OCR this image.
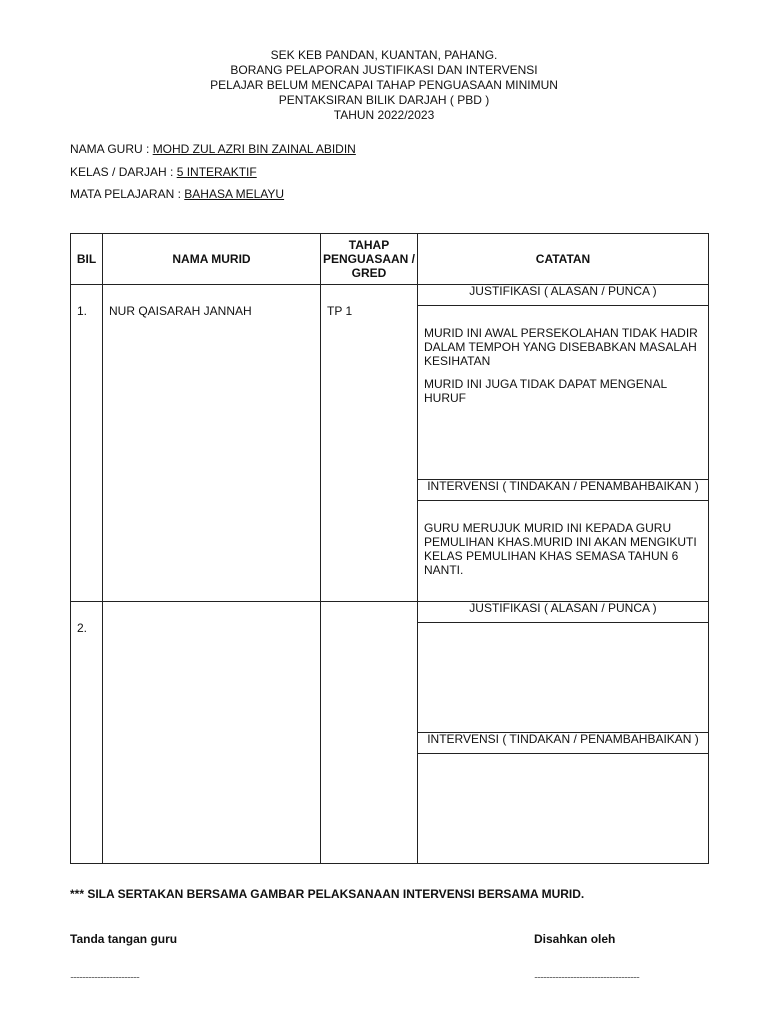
SEK KEB PANDAN, KUANTAN, PAHANG.
BORANG PELAPORAN JUSTIFIKASI DAN INTERVENSI
PELAJAR BELUM MENCAPAI TAHAP PENGUASAAN MINIMUN
PENTAKSIRAN BILIK DARJAH ( PBD )
TAHUN 2022/2023
NAMA GURU : MOHD ZUL AZRI BIN ZAINAL ABIDIN
KELAS / DARJAH : 5 INTERAKTIF
MATA PELAJARAN : BAHASA MELAYU
BIL	NAMA MURID	TAHAP PENGUASAAN / GRED	CATATAN

1.	NUR QAISARAH JANNAH	TP 1	JUSTIFIKASI ( ALASAN / PUNCA )

MURID INI AWAL PERSEKOLAHAN TIDAK HADIR DALAM TEMPOH YANG DISEBABKAN MASALAH KESIHATAN

MURID INI JUGA TIDAK DAPAT MENGENAL HURUF

INTERVENSI ( TINDAKAN / PENAMBAHBAIKAN )

GURU MERUJUK MURID INI KEPADA GURU PEMULIHAN KHAS.MURID INI AKAN MENGIKUTI KELAS PEMULIHAN KHAS SEMASA TAHUN 6 NANTI.

2.			JUSTIFIKASI ( ALASAN / PUNCA )

INTERVENSI ( TINDAKAN / PENAMBAHBAIKAN )

*** SILA SERTAKAN BERSAMA GAMBAR PELAKSANAAN INTERVENSI BERSAMA MURID.
Tanda tangan guru	Disahkan oleh
..............................................	......................................................................
